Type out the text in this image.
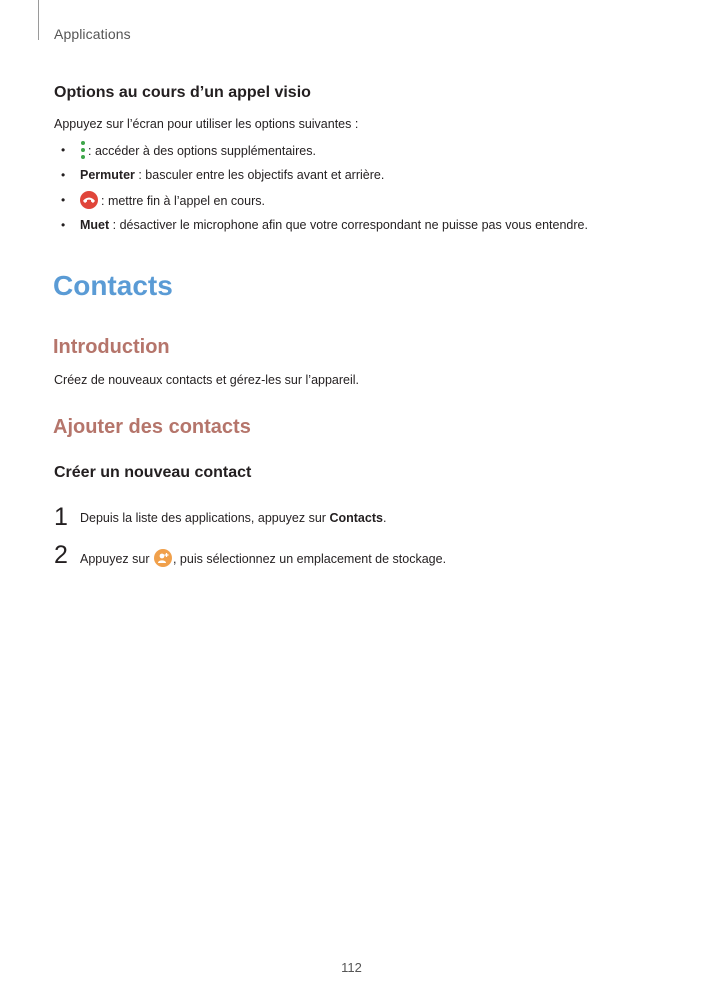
Applications
Options au cours d’un appel visio
Appuyez sur l’écran pour utiliser les options suivantes :
• : accéder à des options supplémentaires.
• Permuter : basculer entre les objectifs avant et arrière.
•	: mettre fin à l’appel en cours.
• Muet : désactiver le microphone afin que votre correspondant ne puisse pas vous entendre.
Contacts
Introduction
Créez de nouveaux contacts et gérez-les sur l’appareil.
Ajouter des contacts
Créer un nouveau contact
1 Depuis la liste des applications, appuyez sur Contacts.
2 Appuyez sur
, puis sélectionnez un emplacement de stockage.
112
